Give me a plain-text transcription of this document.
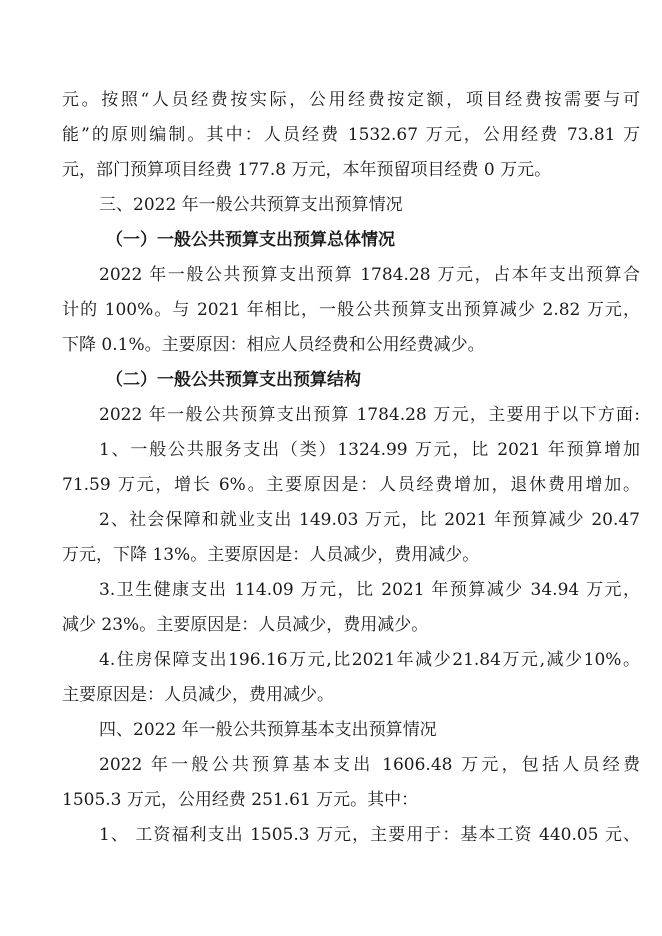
元。按照“人员经费按实际，公用经费按定额，项目经费按需要与可
能”的原则编制。其中：人员经费 1532.67 万元，公用经费 73.81 万
元，部门预算项目经费 177.8 万元，本年预留项目经费 0 万元。
三、2022 年一般公共预算支出预算情况
（一）一般公共预算支出预算总体情况
2022 年一般公共预算支出预算 1784.28 万元，占本年支出预算合
计的 100%。与 2021 年相比，一般公共预算支出预算减少 2.82 万元，
下降 0.1%。主要原因：相应人员经费和公用经费减少。
（二）一般公共预算支出预算结构
2022 年一般公共预算支出预算 1784.28 万元，主要用于以下方面:
1、一般公共服务支出（类）1324.99 万元，比 2021 年预算增加
71.59 万元，增长 6%。主要原因是：人员经费增加，退休费用增加。
2、社会保障和就业支出 149.03 万元，比 2021 年预算减少 20.47
万元，下降 13%。主要原因是：人员减少，费用减少。
3.卫生健康支出 114.09 万元，比 2021 年预算减少 34.94 万元，
减少 23%。主要原因是：人员减少，费用减少。
4.住房保障支出196.16万元,比2021年减少21.84万元,减少10%。
主要原因是：人员减少，费用减少。
四、2022 年一般公共预算基本支出预算情况
2022 年一般公共预算基本支出 1606.48 万元，包括人员经费
1505.3 万元，公用经费 251.61 万元。其中：
1、 工资福利支出 1505.3 万元，主要用于：基本工资 440.05 元、
